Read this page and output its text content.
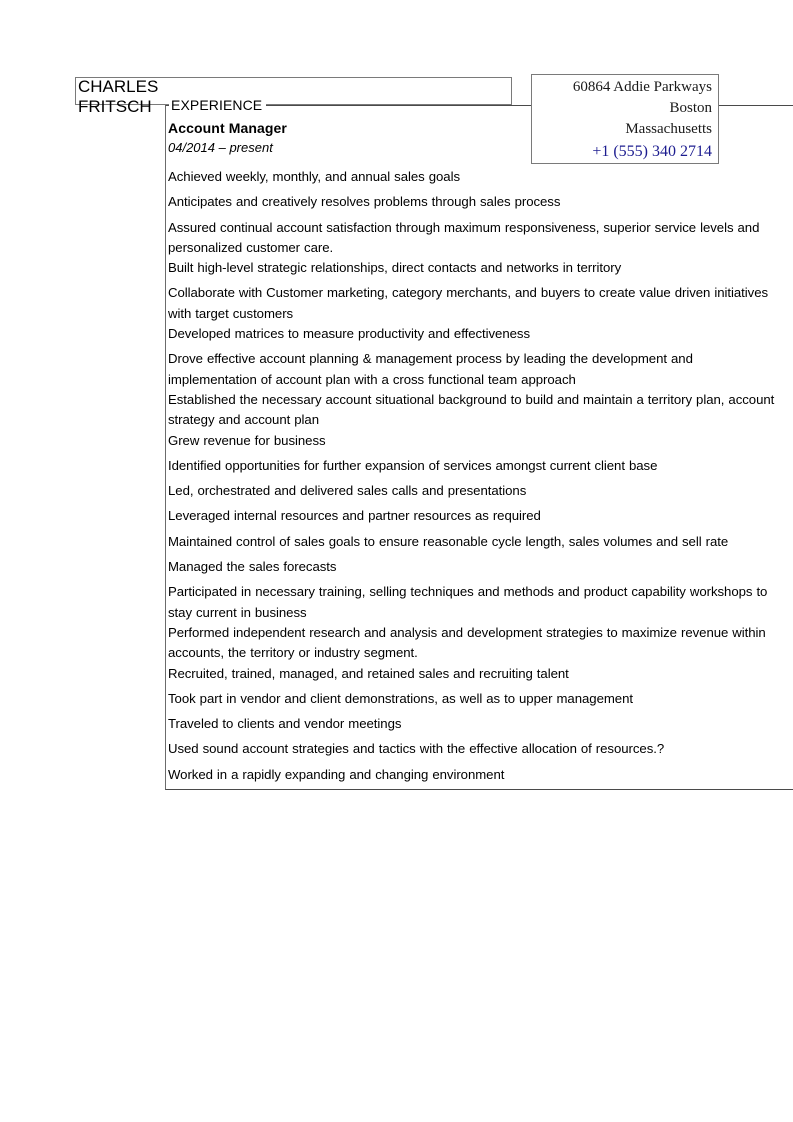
CHARLES
FRITSCH
60864 Addie Parkways
Boston
Massachusetts
+1 (555) 340 2714
EXPERIENCE
Account Manager
04/2014 – present
Achieved weekly, monthly, and annual sales goals
Anticipates and creatively resolves problems through sales process
Assured continual account satisfaction through maximum responsiveness, superior service levels and personalized customer care.
Built high-level strategic relationships, direct contacts and networks in territory
Collaborate with Customer marketing, category merchants, and buyers to create value driven initiatives with target customers
Developed matrices to measure productivity and effectiveness
Drove effective account planning & management process by leading the development and implementation of account plan with a cross functional team approach
Established the necessary account situational background to build and maintain a territory plan, account strategy and account plan
Grew revenue for business
Identified opportunities for further expansion of services amongst current client base
Led, orchestrated and delivered sales calls and presentations
Leveraged internal resources and partner resources as required
Maintained control of sales goals to ensure reasonable cycle length, sales volumes and sell rate
Managed the sales forecasts
Participated in necessary training, selling techniques and methods and product capability workshops to stay current in business
Performed independent research and analysis and development strategies to maximize revenue within accounts, the territory or industry segment.
Recruited, trained, managed, and retained sales and recruiting talent
Took part in vendor and client demonstrations, as well as to upper management
Traveled to clients and vendor meetings
Used sound account strategies and tactics with the effective allocation of resources.?
Worked in a rapidly expanding and changing environment
